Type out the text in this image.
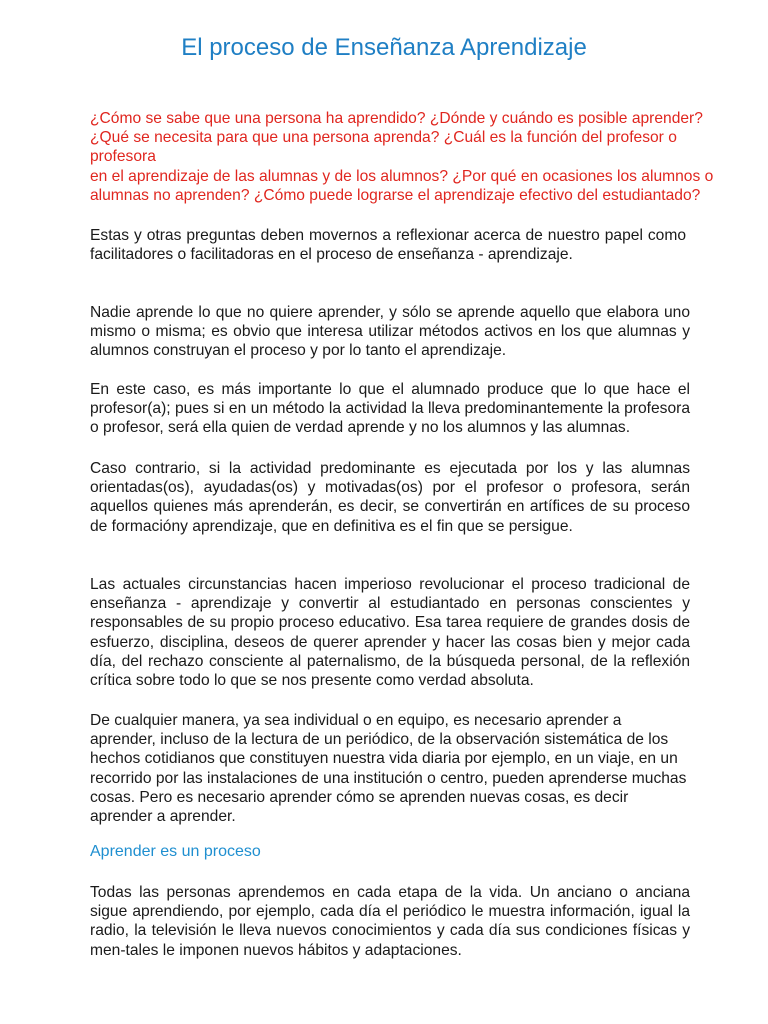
El proceso de Enseñanza Aprendizaje
¿Cómo se sabe que una persona ha aprendido? ¿Dónde y cuándo es posible aprender?
¿Qué se necesita para que una persona aprenda? ¿Cuál es la función del profesor o
profesora
en el aprendizaje de las alumnas y de los alumnos? ¿Por qué en ocasiones los alumnos o
alumnas no aprenden? ¿Cómo puede lograrse el aprendizaje efectivo del estudiantado?

Estas y otras preguntas deben movernos a reflexionar acerca de nuestro papel como facilitadores o facilitadoras en el proceso de enseñanza - aprendizaje.

Nadie aprende lo que no quiere aprender, y sólo se aprende aquello que elabora uno mismo o misma; es obvio que interesa utilizar métodos activos en los que alumnas y alumnos construyan el proceso y por lo tanto el aprendizaje.

En este caso, es más importante lo que el alumnado produce que lo que hace el profesor(a); pues si en un método la actividad la lleva predominantemente la profesora o profesor, será ella quien de verdad aprende y no los alumnos y las alumnas.

Caso contrario, si la actividad predominante es ejecutada por los y las alumnas orientadas(os), ayudadas(os) y motivadas(os) por el profesor o profesora, serán aquellos quienes más aprenderán, es decir, se convertirán en artífices de su proceso de formacióny aprendizaje, que en definitiva es el fin que se persigue.

Las actuales circunstancias hacen imperioso revolucionar el proceso tradicional de enseñanza - aprendizaje y convertir al estudiantado en personas conscientes y responsables de su propio proceso educativo. Esa tarea requiere de grandes dosis de esfuerzo, disciplina, deseos de querer aprender y hacer las cosas bien y mejor cada día, del rechazo consciente al paternalismo, de la búsqueda personal, de la reflexión crítica sobre todo lo que se nos presente como verdad absoluta.

De cualquier manera, ya sea individual o en equipo, es necesario aprender a aprender, incluso de la lectura de un periódico, de la observación sistemática de los hechos cotidianos que constituyen nuestra vida diaria por ejemplo, en un viaje, en un recorrido por las instalaciones de una institución o centro, pueden aprenderse muchas cosas. Pero es necesario aprender cómo se aprenden nuevas cosas, es decir aprender a aprender.

Aprender es un proceso

Todas las personas aprendemos en cada etapa de la vida. Un anciano o anciana sigue aprendiendo, por ejemplo, cada día el periódico le muestra información, igual la radio, la televisión le lleva nuevos conocimientos y cada día sus condiciones físicas y men-tales le imponen nuevos hábitos y adaptaciones.
